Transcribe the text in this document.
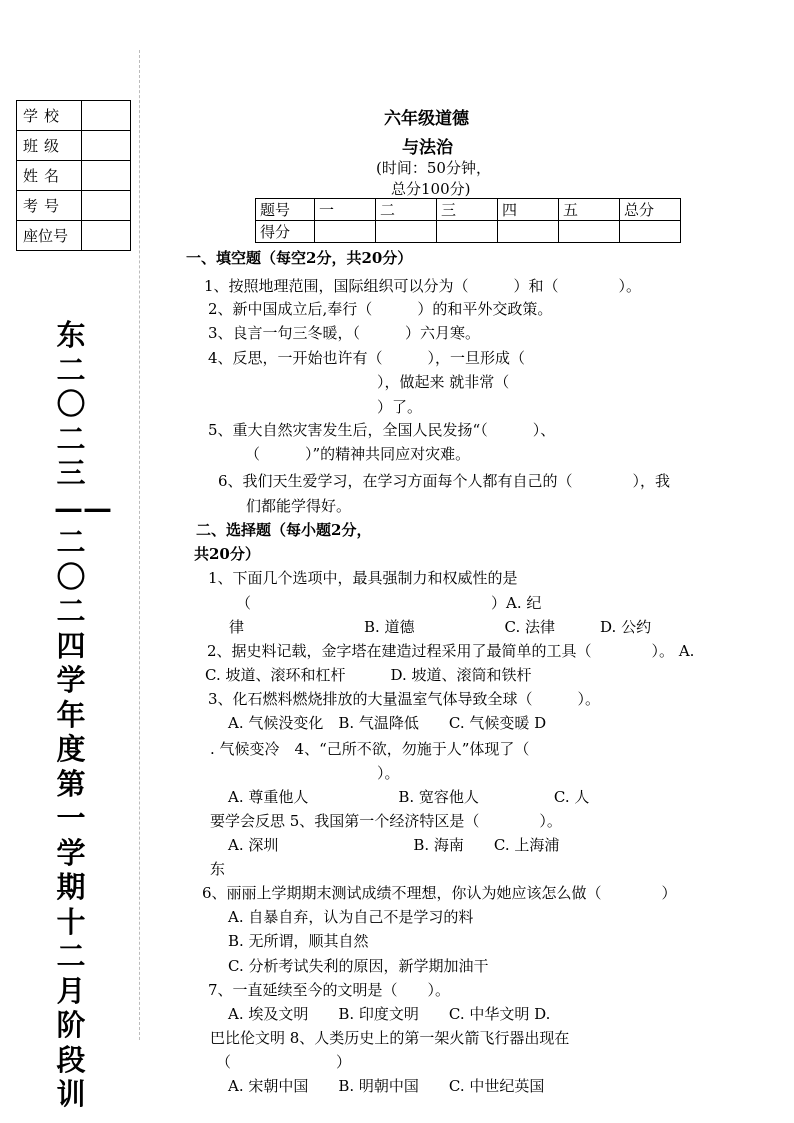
学校	
班级	
姓名	
考号	
座位号	
东二〇二三——二〇二四学年度第一学期十二月阶段训
六年级道德
与法治
(时间：50分钟，
总分100分)
题号	一	二	三	四	五	总分
得分						
一、填空题（每空2分，共20分）
1、按照地理范围，国际组织可以分为（　　　）和（　　　　）。
2、新中国成立后,奉行（　　　）的和平外交政策。
3、良言一句三冬暖，（　　　）六月寒。
4、反思，一开始也许有（　　　），一旦形成（
），做起来 就非常（
）了。
5、重大自然灾害发生后，全国人民发扬“（　　　）、
（　　　）”的精神共同应对灾难。
6、我们天生爱学习，在学习方面每个人都有自己的（　　　　），我
们都能学得好。
二、选择题（每小题2分，
共20分）
1、下面几个选项中，最具强制力和权威性的是
（　　　　　　　　　　　　　　　　）A. 纪
律　　　　　　　　B. 道德　　　　　　C. 法律　　　D. 公约
2、据史料记载，金字塔在建造过程采用了最简单的工具（　　　　）。 A.
C. 坡道、滚环和杠杆　　　D. 坡道、滚筒和铁杆
3、化石燃料燃烧排放的大量温室气体导致全球（　　　）。
A. 气候没变化　B. 气温降低　　C. 气候变暖 D
. 气候变冷　4、“己所不欲，勿施于人”体现了（
）。
A. 尊重他人　　　　　　B. 宽容他人　　　　　C. 人
要学会反思 5、我国第一个经济特区是（　　　　）。
A. 深圳　　　　　　　　　B. 海南　　C. 上海浦
东
6、丽丽上学期期末测试成绩不理想，你认为她应该怎么做（　　　　）
A. 自暴自弃，认为自己不是学习的料
B. 无所谓，顺其自然
C. 分析考试失利的原因，新学期加油干
7、一直延续至今的文明是（　　）。
A. 埃及文明　　B. 印度文明　　C. 中华文明 D.
巴比伦文明 8、人类历史上的第一架火箭飞行器出现在
（　　　　　　　）
A. 宋朝中国　　B. 明朝中国　　C. 中世纪英国
